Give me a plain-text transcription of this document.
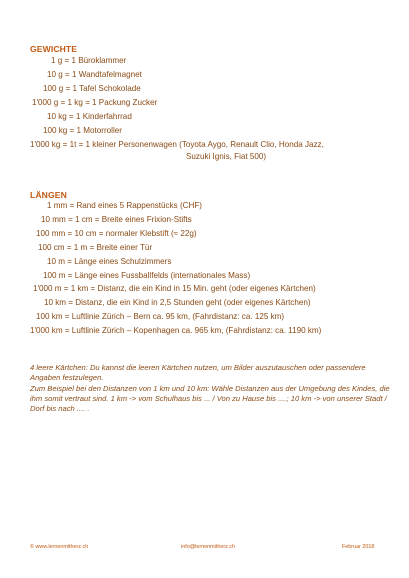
GEWICHTE
1 g = 1 Büroklammer
10 g = 1 Wandtafelmagnet
100 g = 1 Tafel Schokolade
1'000 g = 1 kg = 1 Packung Zucker
10 kg = 1 Kinderfahrrad
100 kg = 1 Motorroller
1'000 kg = 1t = 1 kleiner Personenwagen (Toyota Aygo, Renault Clio, Honda Jazz,
Suzuki Ignis, Fiat 500)
LÄNGEN
1 mm = Rand eines 5 Rappenstücks (CHF)
10 mm = 1 cm = Breite eines Frixion-Stifts
100 mm = 10 cm = normaler Klebstift (≈ 22g)
100 cm = 1 m = Breite einer Tür
10 m = Länge eines Schulzimmers
100 m = Länge eines Fussballfelds (internationales Mass)
1'000 m = 1 km = Distanz, die ein Kind in 15 Min. geht (oder eigenes Kärtchen)
10 km = Distanz, die ein Kind in 2,5 Stunden geht (oder eigenes Kärtchen)
100 km = Luftlinie Zürich – Bern ca. 95 km, (Fahrdistanz: ca. 125 km)
1'000 km = Luftlinie Zürich – Kopenhagen ca. 965 km, (Fahrdistanz: ca. 1190 km)

4 leere Kärtchen: Du kannst die leeren Kärtchen nutzen, um Bilder auszutauschen oder passendere Angaben festzulegen.

Zum Beispiel bei den Distanzen von 1 km und 10 km: Wähle Distanzen aus der Umgebung des Kindes, die ihm somit vertraut sind. 1 km -> vom Schulhaus bis ... / Von zu Hause bis ....; 10 km -> von unserer Stadt / Dorf bis nach .... .

© www.lernenmitherz.ch	info@lernenmitherz.ch	Februar 2018
